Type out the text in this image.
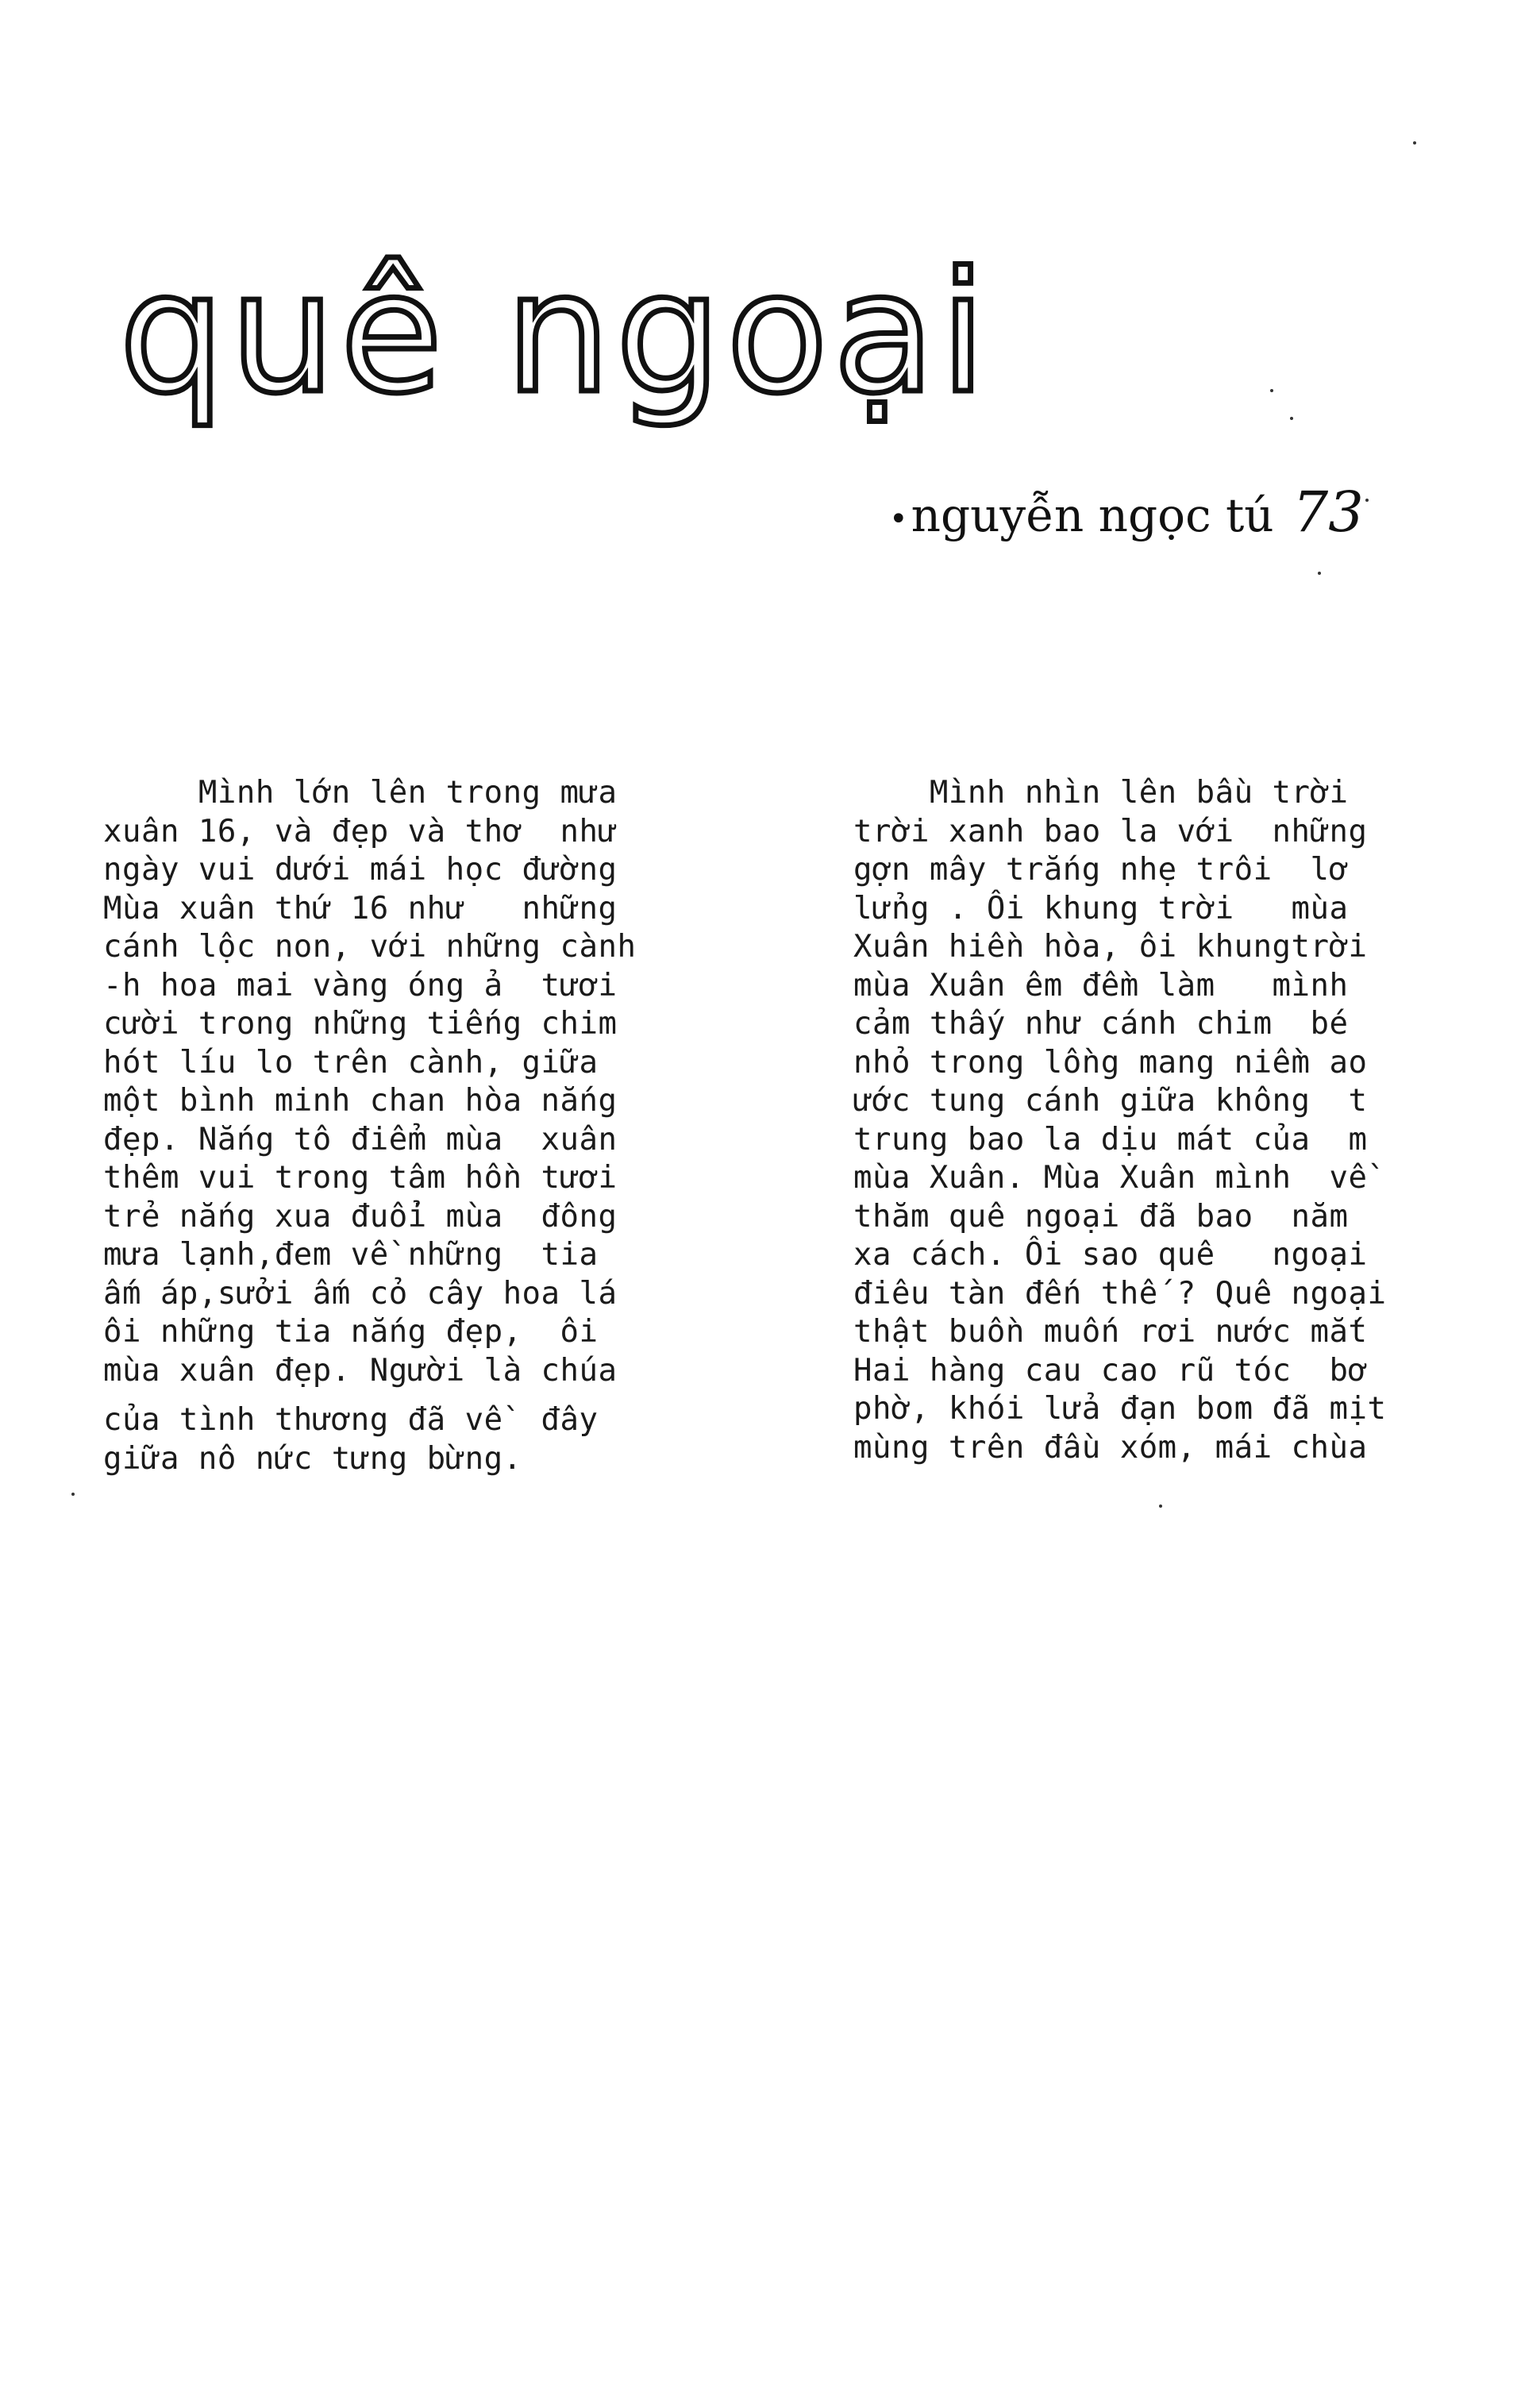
quê ngoại
•nguyễn ngọc tú 73
Mình lớn lên trong mưa
xuân 16, và đẹp và thơ  như
ngày vui dưới mái học đường
Mùa xuân thứ 16 như   những
cánh lộc non, với những cành
-h hoa mai vàng óng ả  tươi
cười trong những tiếng chim
hót líu lo trên cành, giữa
một bình minh chan hòa nắng
đẹp. Nắng tô điểm mùa  xuân
thêm vui trong tâm hồn tươi
trẻ nắng xua đuổi mùa  đông
mưa lạnh,đem về những  tia
ấm áp,sưởi ấm cỏ cây hoa lá
ôi những tia nắng đẹp,  ôi
mùa xuân đẹp. Người là chúa
của tình thương đã về  đây
giữa nô nức tưng bừng.
Mình nhìn lên bầu trời
trời xanh bao la với  những
gợn mây trắng nhẹ trôi  lơ
lửng . Ôi khung trời   mùa
Xuân hiền hòa, ôi khungtrời
mùa Xuân êm đềm làm   mình
cảm thấy như cánh chim  bé
nhỏ trong lồng mang niềm ao
ước tung cánh giữa không  t
trung bao la dịu mát của  m
mùa Xuân. Mùa Xuân mình  về
thăm quê ngoại đã bao  năm
xa cách. Ôi sao quê   ngoại
điêu tàn đến thế ? Quê ngoại
thật buồn muốn rơi nước mắt
Hai hàng cau cao rũ tóc  bơ
phờ, khói lửa đạn bom đã mịt
mùng trên đầu xóm, mái chùa
